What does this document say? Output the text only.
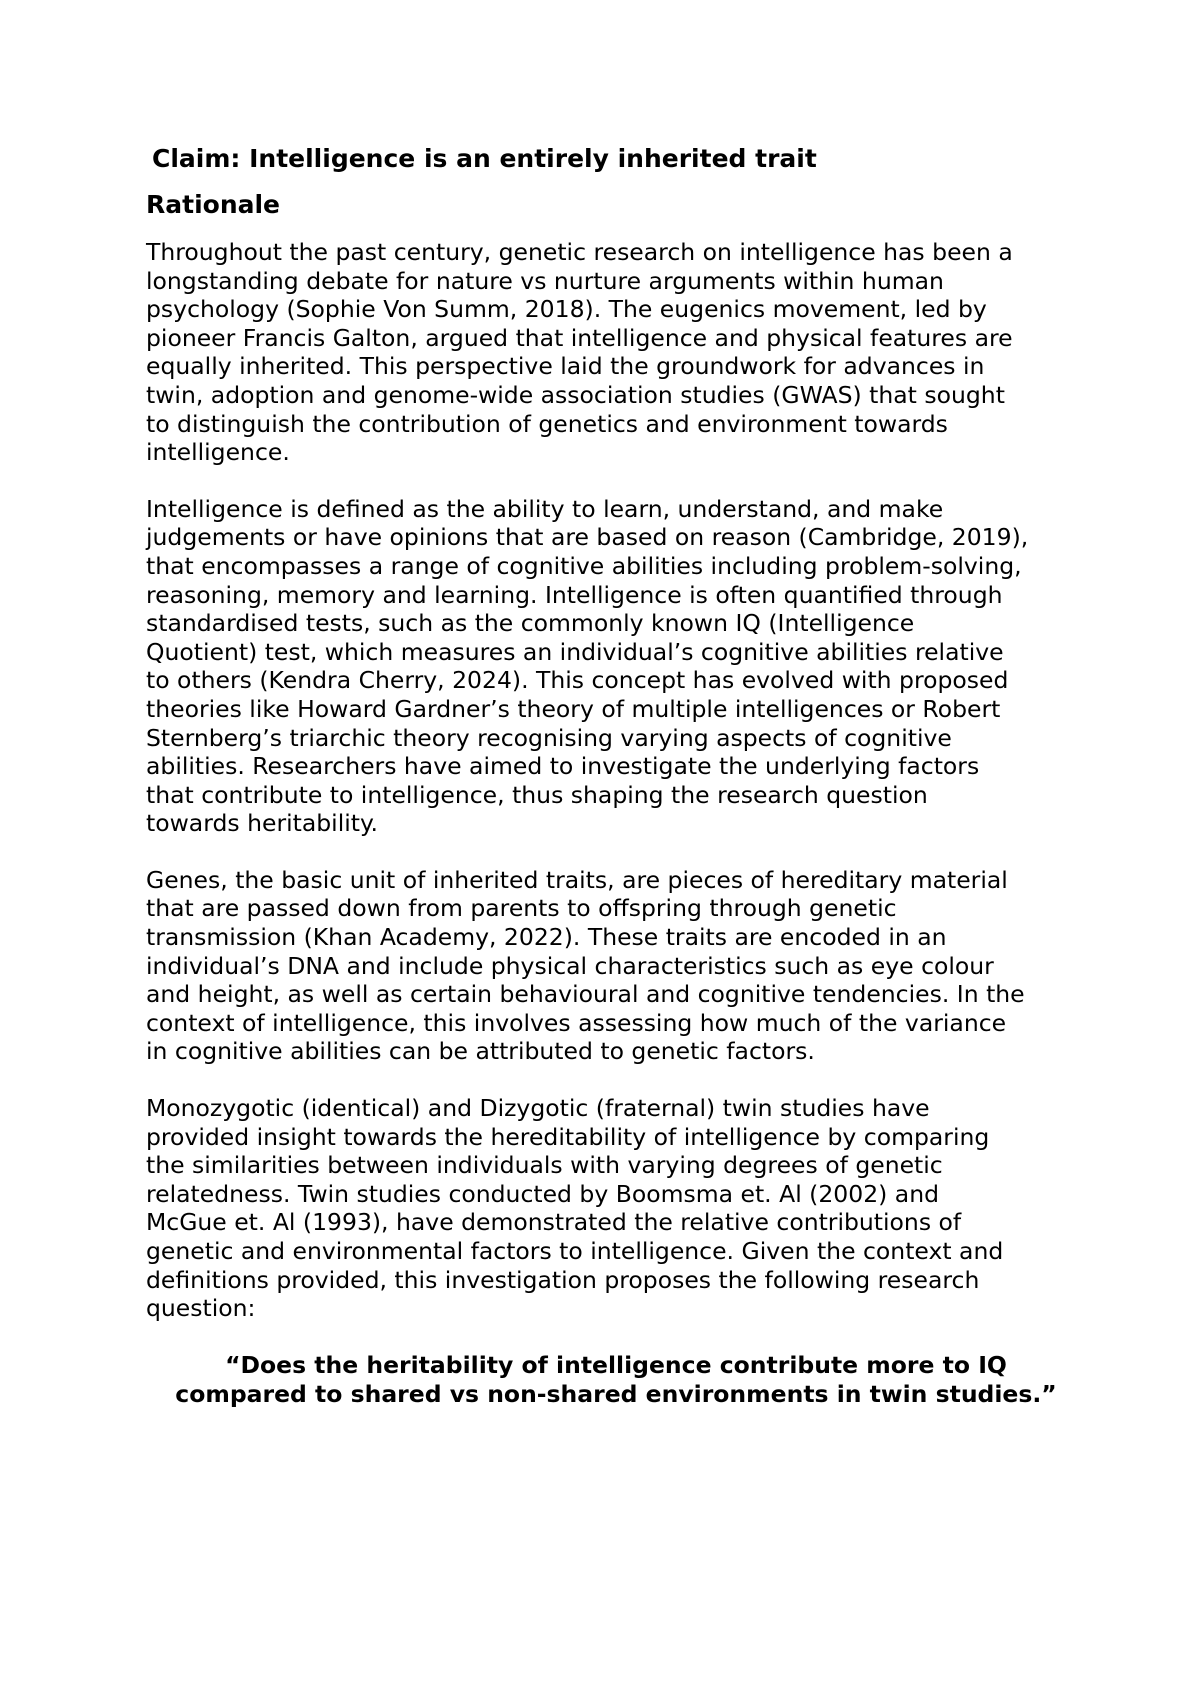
Claim: Intelligence is an entirely inherited trait
Rationale

Throughout the past century, genetic research on intelligence has been a
longstanding debate for nature vs nurture arguments within human
psychology (Sophie Von Summ, 2018). The eugenics movement, led by
pioneer Francis Galton, argued that intelligence and physical features are
equally inherited. This perspective laid the groundwork for advances in
twin, adoption and genome-wide association studies (GWAS) that sought
to distinguish the contribution of genetics and environment towards
intelligence.

Intelligence is defined as the ability to learn, understand, and make
judgements or have opinions that are based on reason (Cambridge, 2019),
that encompasses a range of cognitive abilities including problem-solving,
reasoning, memory and learning. Intelligence is often quantified through
standardised tests, such as the commonly known IQ (Intelligence
Quotient) test, which measures an individual’s cognitive abilities relative
to others (Kendra Cherry, 2024). This concept has evolved with proposed
theories like Howard Gardner’s theory of multiple intelligences or Robert
Sternberg’s triarchic theory recognising varying aspects of cognitive
abilities. Researchers have aimed to investigate the underlying factors
that contribute to intelligence, thus shaping the research question
towards heritability.

Genes, the basic unit of inherited traits, are pieces of hereditary material
that are passed down from parents to offspring through genetic
transmission (Khan Academy, 2022). These traits are encoded in an
individual’s DNA and include physical characteristics such as eye colour
and height, as well as certain behavioural and cognitive tendencies. In the
context of intelligence, this involves assessing how much of the variance
in cognitive abilities can be attributed to genetic factors.

Monozygotic (identical) and Dizygotic (fraternal) twin studies have
provided insight towards the hereditability of intelligence by comparing
the similarities between individuals with varying degrees of genetic
relatedness. Twin studies conducted by Boomsma et. Al (2002) and
McGue et. Al (1993), have demonstrated the relative contributions of
genetic and environmental factors to intelligence. Given the context and
definitions provided, this investigation proposes the following research
question:

“Does the heritability of intelligence contribute more to IQ
compared to shared vs non-shared environments in twin studies.”
